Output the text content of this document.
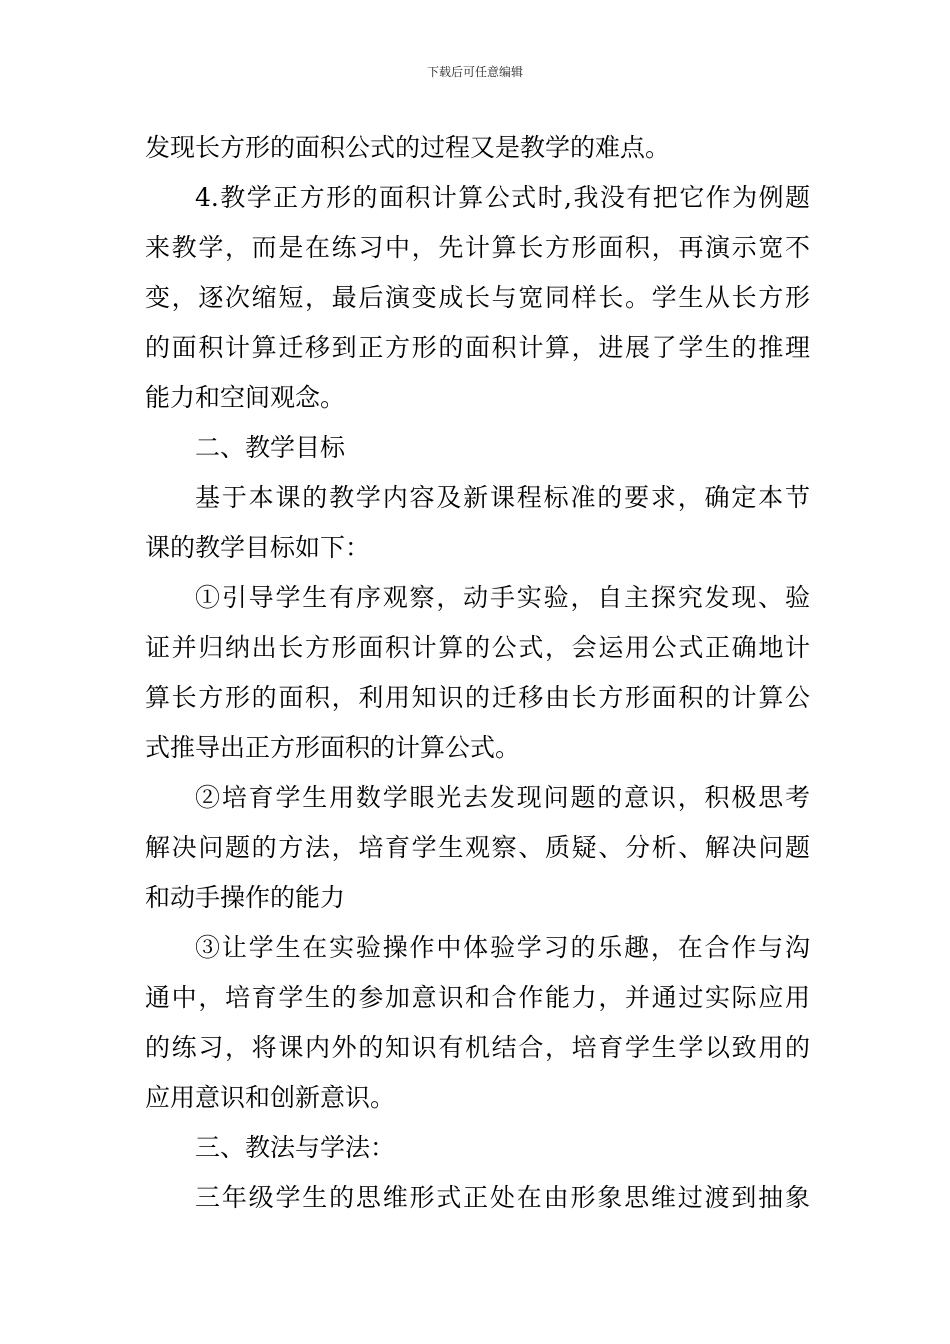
下载后可任意编辑
发现长方形的面积公式的过程又是教学的难点。
4.教学正方形的面积计算公式时,我没有把它作为例题
来教学，而是在练习中，先计算长方形面积，再演示宽不
变，逐次缩短，最后演变成长与宽同样长。学生从长方形
的面积计算迁移到正方形的面积计算，进展了学生的推理
能力和空间观念。
二、教学目标
基于本课的教学内容及新课程标准的要求，确定本节
课的教学目标如下：
①引导学生有序观察，动手实验，自主探究发现、验
证并归纳出长方形面积计算的公式，会运用公式正确地计
算长方形的面积，利用知识的迁移由长方形面积的计算公
式推导出正方形面积的计算公式。
②培育学生用数学眼光去发现问题的意识，积极思考
解决问题的方法，培育学生观察、质疑、分析、解决问题
和动手操作的能力
③让学生在实验操作中体验学习的乐趣，在合作与沟
通中，培育学生的参加意识和合作能力，并通过实际应用
的练习，将课内外的知识有机结合，培育学生学以致用的
应用意识和创新意识。
三、教法与学法：
三年级学生的思维形式正处在由形象思维过渡到抽象
